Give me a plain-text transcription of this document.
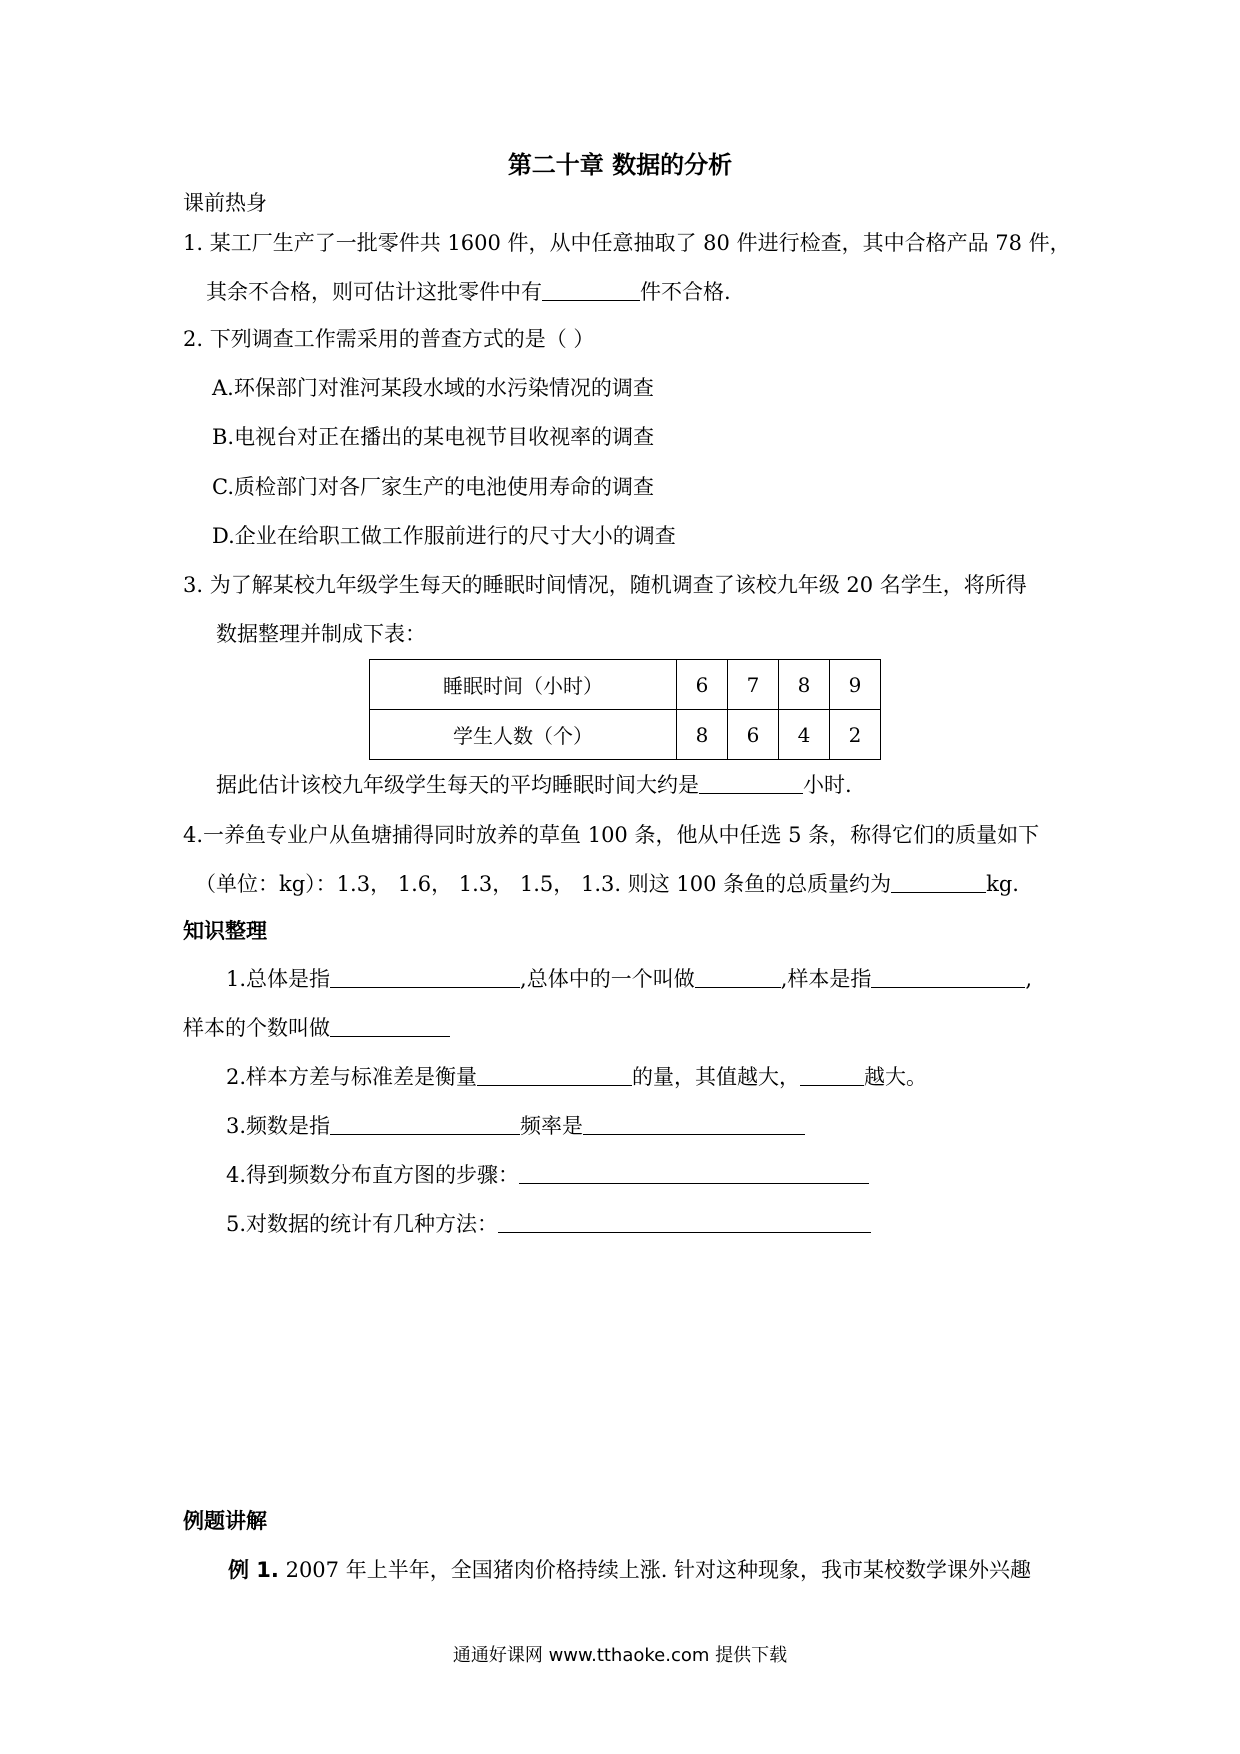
第二十章 数据的分析
课前热身
1. 某工厂生产了一批零件共 1600 件，从中任意抽取了 80 件进行检查，其中合格产品 78 件，
其余不合格，则可估计这批零件中有	件不合格.
2. 下列调查工作需采用的普查方式的是（ ）
A.环保部门对淮河某段水域的水污染情况的调查
B.电视台对正在播出的某电视节目收视率的调查
C.质检部门对各厂家生产的电池使用寿命的调查
D.企业在给职工做工作服前进行的尺寸大小的调查
3. 为了解某校九年级学生每天的睡眠时间情况，随机调查了该校九年级 20 名学生，将所得
数据整理并制成下表：
睡眠时间（小时）	6	7	8	9
学生人数（个）	8	6	4	2
据此估计该校九年级学生每天的平均睡眠时间大约是	小时.
4.一养鱼专业户从鱼塘捕得同时放养的草鱼 100 条，他从中任选 5 条，称得它们的质量如下
（单位：kg）：1.3， 1.6， 1.3， 1.5， 1.3. 则这 100 条鱼的总质量约为	kg.
知识整理
1.总体是指	,总体中的一个叫做	,样本是指	,
样本的个数叫做
2.样本方差与标准差是衡量	的量，其值越大，	越大。
3.频数是指	频率是
4.得到频数分布直方图的步骤：
5.对数据的统计有几种方法：
例题讲解
例 1. 2007 年上半年，全国猪肉价格持续上涨. 针对这种现象，我市某校数学课外兴趣
通通好课网 www.tthaoke.com 提供下载
